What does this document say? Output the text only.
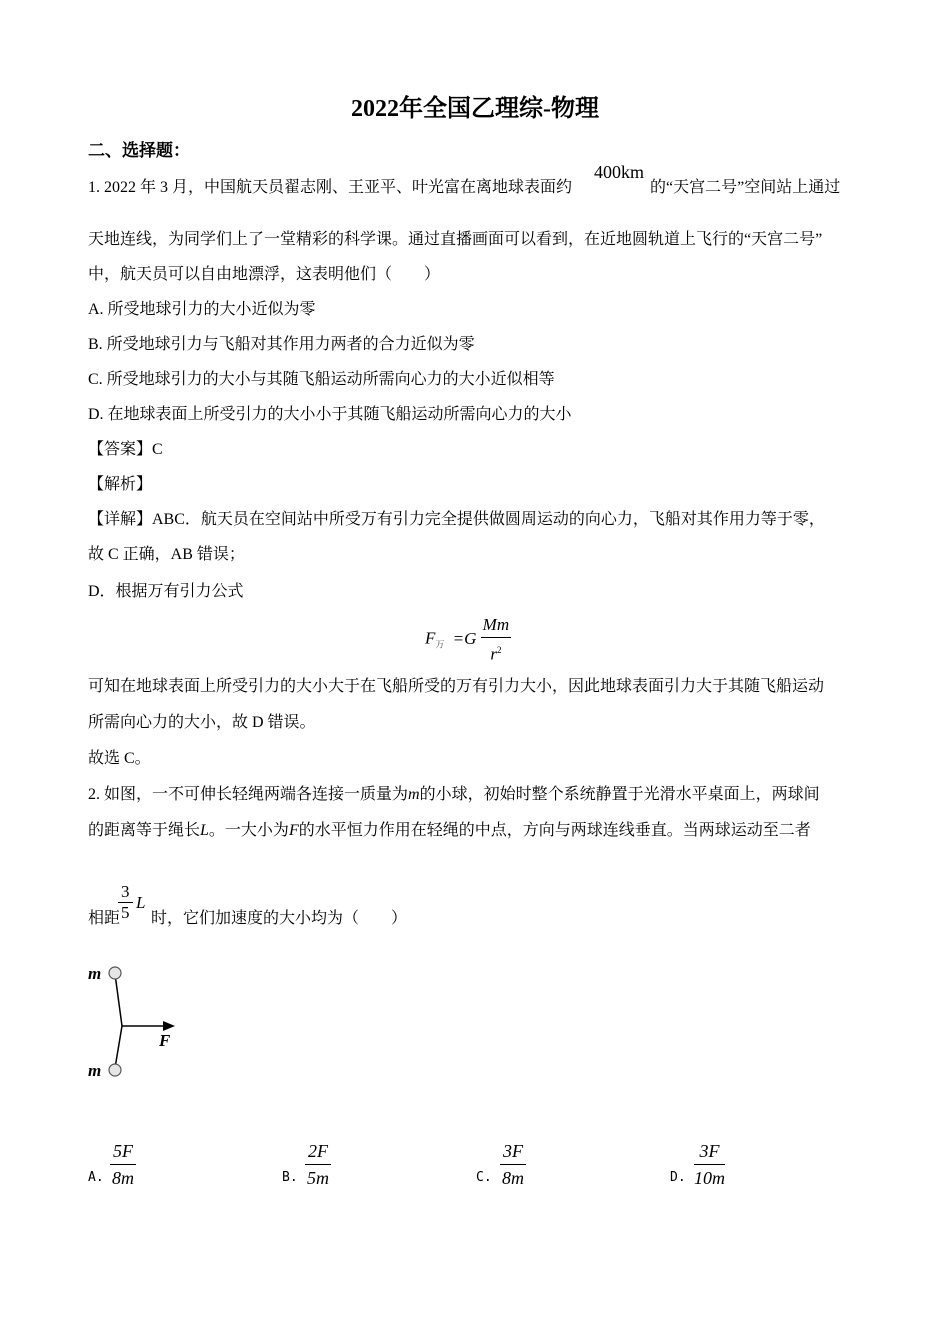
2022年全国乙理综-物理
二、选择题：
1. 2022 年 3 月，中国航天员翟志刚、王亚平、叶光富在离地球表面约
400km
的“天宫二号”空间站上通过
天地连线，为同学们上了一堂精彩的科学课。通过直播画面可以看到，在近地圆轨道上飞行的“天宫二号”
中，航天员可以自由地漂浮，这表明他们（　　）
A. 所受地球引力的大小近似为零
B. 所受地球引力与飞船对其作用力两者的合力近似为零
C. 所受地球引力的大小与其随飞船运动所需向心力的大小近似相等
D. 在地球表面上所受引力的大小小于其随飞船运动所需向心力的大小
【答案】C
【解析】
【详解】ABC．航天员在空间站中所受万有引力完全提供做圆周运动的向心力，飞船对其作用力等于零，
故 C 正确，AB 错误；
D．根据万有引力公式
$F_万 =G \frac{Mm}{r^2}$
可知在地球表面上所受引力的大小大于在飞船所受的万有引力大小，因此地球表面引力大于其随飞船运动
所需向心力的大小，故 D 错误。
故选 C。
2. 如图，一不可伸长轻绳两端各连接一质量为m的小球，初始时整个系统静置于光滑水平桌面上，两球间
的距离等于绳长L。一大小为F的水平恒力作用在轻绳的中点，方向与两球连线垂直。当两球运动至二者
相距
$\frac{3}{5}$ L
时，它们加速度的大小均为（　　）
m
m
F
A. $\frac{5F}{8m}$	B. $\frac{2F}{5m}$	C. $\frac{3F}{8m}$	D. $\frac{3F}{10m}$
